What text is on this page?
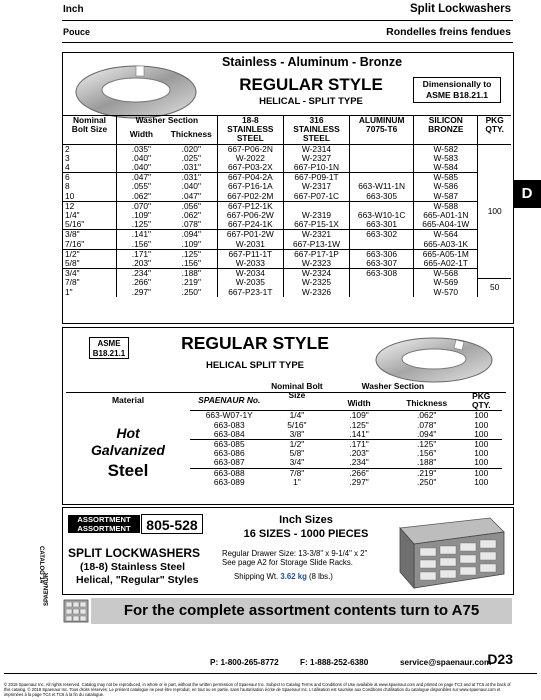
Inch	Split Lockwashers
Pouce	Rondelles freins fendues
D
Stainless - Aluminum - Bronze
REGULAR STYLE
HELICAL - SPLIT TYPE
Dimensionally to ASME B18.21.1
Nominal Bolt Size	Washer Section		18-8 STAINLESS STEEL	316 STAINLESS STEEL	ALUMINUM 7075-T6	SILICON BRONZE	PKG QTY.
	Width	Thickness					
2	.035"	.020"	667-P06-2N	W-2314		W-582	100
3	.040"	.025"	W-2022	W-2327		W-583	
4	.040"	.031"	667-P03-2X	667-P10-1N		W-584	
6	.047"	.031"	667-P04-2A	667-P09-1T		W-585	
8	.055"	.040"	667-P16-1A	W-2317	663-W11-1N	W-586	
10	.062"	.047"	667-P02-2M	667-P07-1C	663-305	W-587	
12	.070"	.056"	667-P12-1K			W-588	
1/4"	.109"	.062"	667-P06-2W	W-2319	663-W10-1C	665-A01-1N	
5/16"	.125"	.078"	667-P24-1K	667-P15-1X	663-301	665-A04-1W	
3/8"	.141"	.094"	667-P01-2W	W-2321	663-302	W-564	
7/16"	.156"	.109"	W-2031	667-P13-1W		665-A03-1K	
1/2"	.171"	.125"	667-P11-1T	667-P17-1P	663-306	665-A05-1M	
5/8"	.203"	.156"	W-2033	W-2323	663-307	665-A02-1T	
3/4"	.234"	.188"	W-2034	W-2324	663-308	W-568	
7/8"	.266"	.219"	W-2035	W-2325		W-569	50
1"	.297"	.250"	667-P23-1T	W-2326		W-570	
ASME B18.21.1
REGULAR STYLE
HELICAL SPLIT TYPE
Material
Hot
Galvanized
Steel
SPAENAUR No.	Nominal Bolt Size	Washer Section		PKG QTY.
		Width	Thickness	
663-W07-1Y	1/4"	.109"	.062"	100
663-083	5/16"	.125"	.078"	100
663-084	3/8"	.141"	.094"	100
663-085	1/2"	.171"	.125"	100
663-086	5/8"	.203"	.156"	100
663-087	3/4"	.234"	.188"	100
663-088	7/8"	.266"	.219"	100
663-089	1"	.297"	.250"	100
ASSORTMENT
ASSORTMENT	805-528	Inch Sizes
16 SIZES - 1000 PIECES
SPLIT LOCKWASHERS
(18-8) Stainless Steel
Helical, "Regular" Styles
Regular Drawer Size: 13-3/8" x 9-1/4" x 2"
See page A2 for Storage Slide Racks.
Shipping Wt. 3.62 kg (8 lbs.)
CATALOG 14
SPAENAUR
For the complete assortment contents turn to A75
P: 1-800-265-8772	F: 1-888-252-6380	service@spaenaur.com
D23
© 2018 Spaenaur Inc. All rights reserved. Catalog may not be reproduced, in whole or in part, without the written permission of Spaenaur Inc. Subject to Catalog Terms and Conditions of Use available at www.spaenaur.com and printed on page TC3 and at TC5 at the back of this catalog. © 2018 Spaenaur Inc. Tous droits réservés. Le présent catalogue ne peut être reproduit, en tout ou en partie, sans l'autorisation écrite de Spaenaur Inc. L'utilisation est soumise aux Conditions d'utilisation du catalogue disponibles sur www.spaenaur.com et imprimées à la page TC4 et TC6 à la fin du catalogue.
